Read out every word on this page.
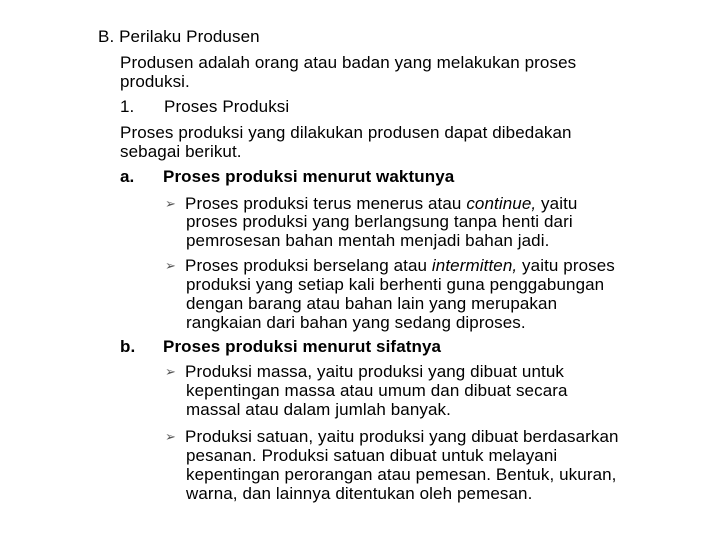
B. Perilaku Produsen
Produsen adalah orang atau badan yang melakukan proses
produksi.
1. Proses Produksi
Proses produksi yang dilakukan produsen dapat dibedakan
sebagai berikut.
a. Proses produksi menurut waktunya
➢ Proses produksi terus menerus atau continue, yaitu
proses produksi yang berlangsung tanpa henti dari
pemrosesan bahan mentah menjadi bahan jadi.
➢ Proses produksi berselang atau intermitten, yaitu proses
produksi yang setiap kali berhenti guna penggabungan
dengan barang atau bahan lain yang merupakan
rangkaian dari bahan yang sedang diproses.
b. Proses produksi menurut sifatnya
➢ Produksi massa, yaitu produksi yang dibuat untuk
kepentingan massa atau umum dan dibuat secara
massal atau dalam jumlah banyak.
➢ Produksi satuan, yaitu produksi yang dibuat berdasarkan
pesanan. Produksi satuan dibuat untuk melayani
kepentingan perorangan atau pemesan. Bentuk, ukuran,
warna, dan lainnya ditentukan oleh pemesan.
